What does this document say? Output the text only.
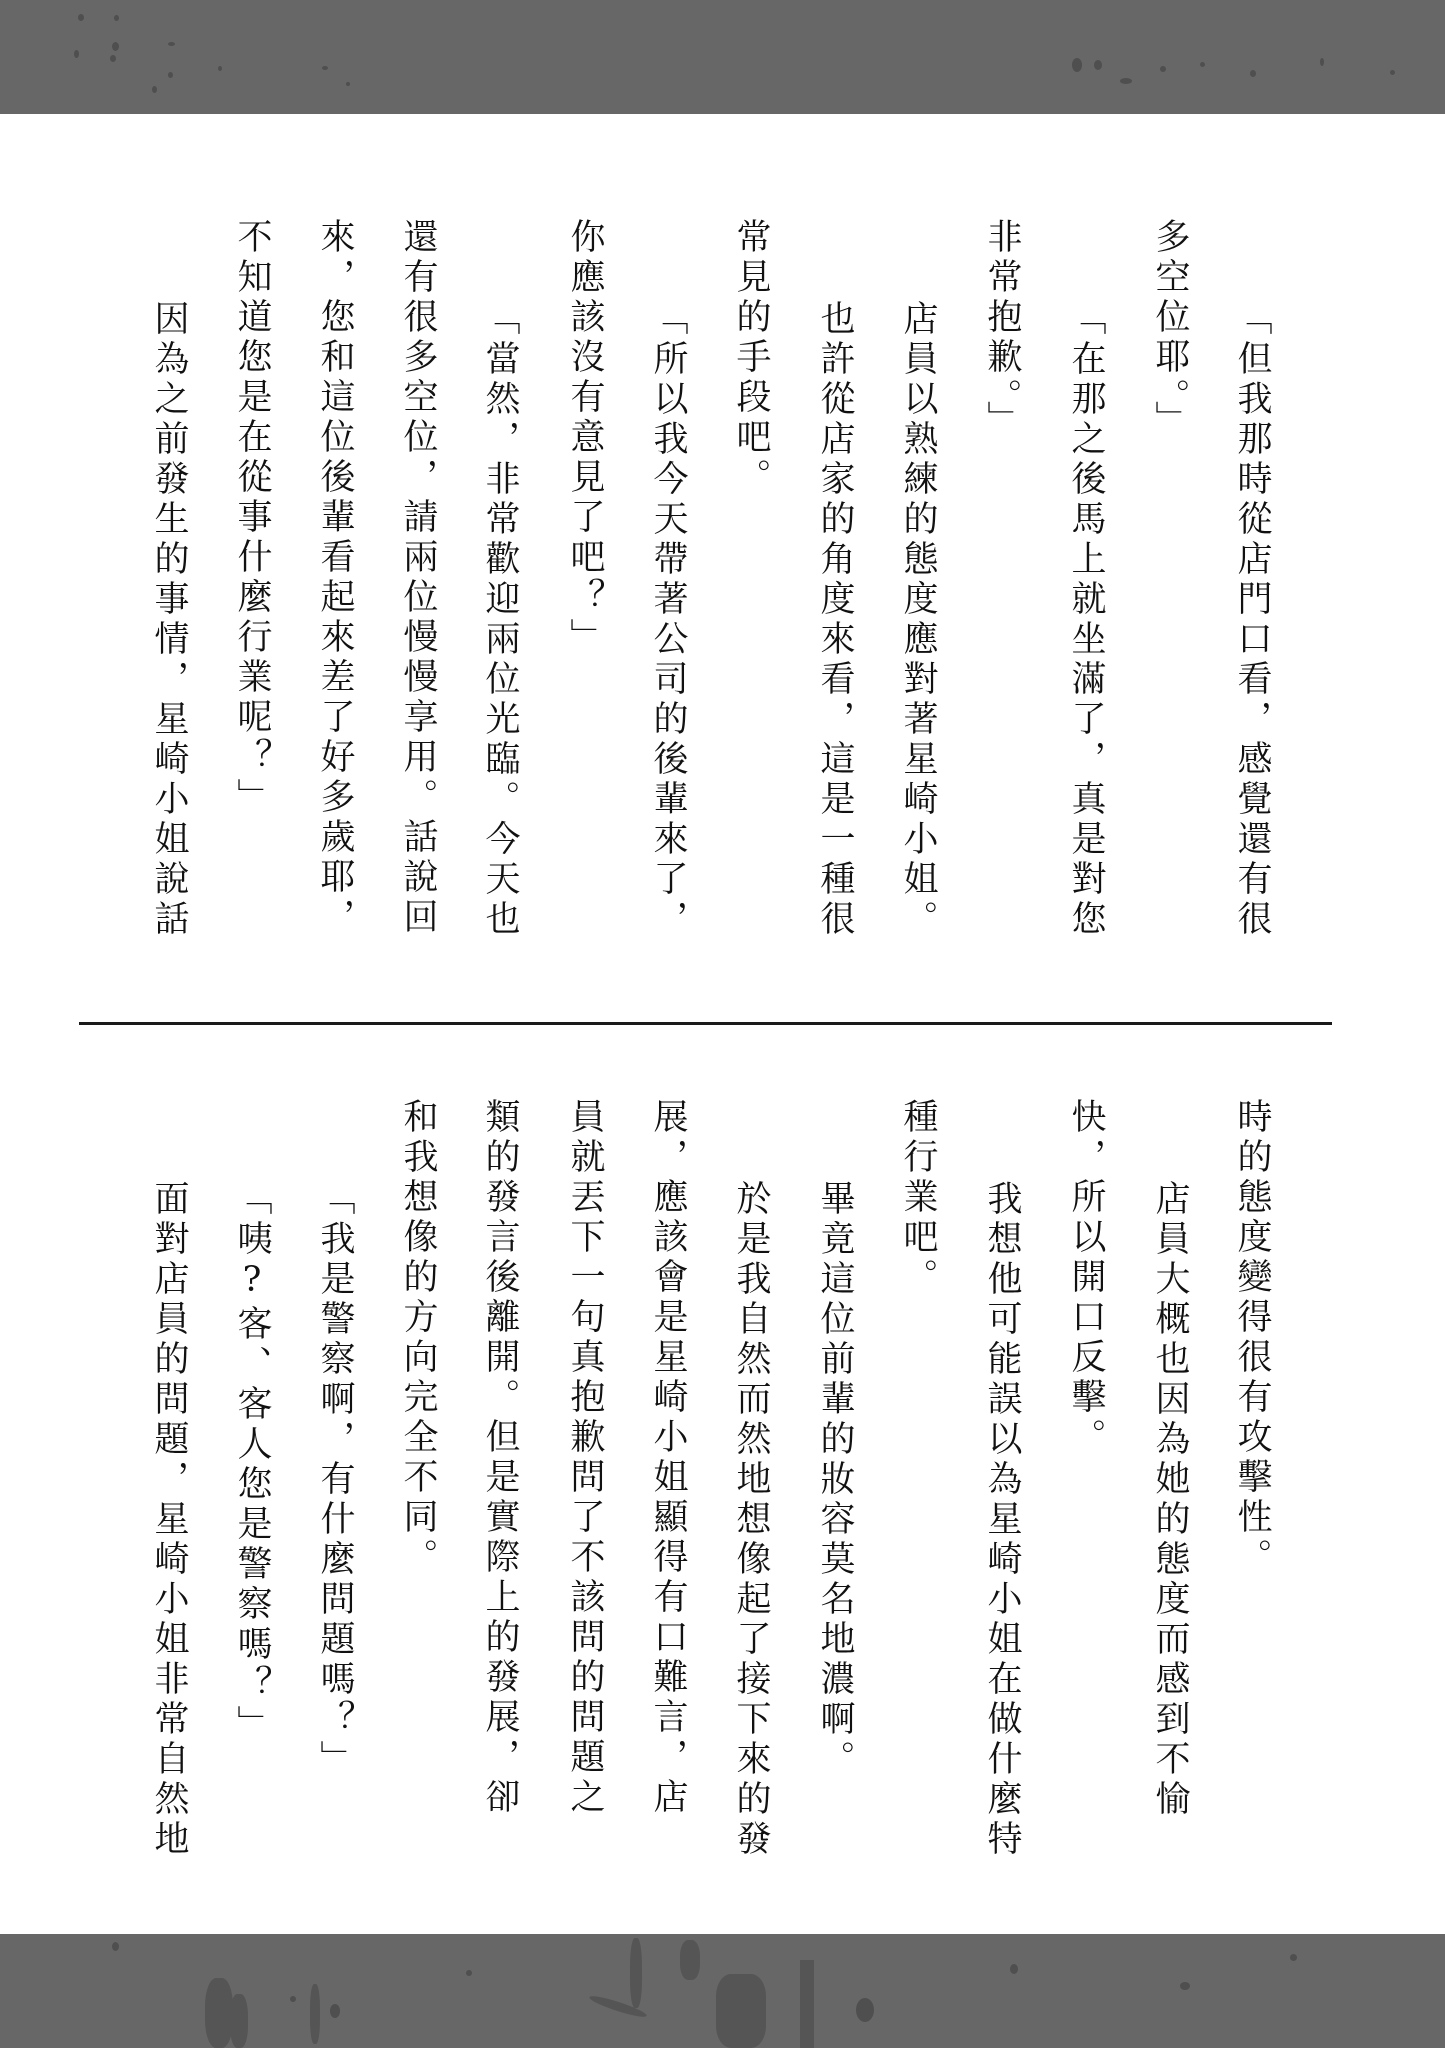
「但我那時從店門口看，感覺還有很
多空位耶。」
「在那之後馬上就坐滿了，真是對您
非常抱歉。」
店員以熟練的態度應對著星崎小姐。
也許從店家的角度來看，這是一種很
常見的手段吧。
「所以我今天帶著公司的後輩來了，
你應該沒有意見了吧？」
「當然，非常歡迎兩位光臨。今天也
還有很多空位，請兩位慢慢享用。話說回
來，您和這位後輩看起來差了好多歲耶，
不知道您是在從事什麼行業呢？」
因為之前發生的事情，星崎小姐說話
時的態度變得很有攻擊性。
店員大概也因為她的態度而感到不愉
快，所以開口反擊。
我想他可能誤以為星崎小姐在做什麼特
種行業吧。
畢竟這位前輩的妝容莫名地濃啊。
於是我自然而然地想像起了接下來的發
展，應該會是星崎小姐顯得有口難言，店
員就丟下一句真抱歉問了不該問的問題之
類的發言後離開。但是實際上的發展，卻
和我想像的方向完全不同。
「我是警察啊，有什麼問題嗎？」
「咦?客、客人您是警察嗎？」
面對店員的問題，星崎小姐非常自然地
